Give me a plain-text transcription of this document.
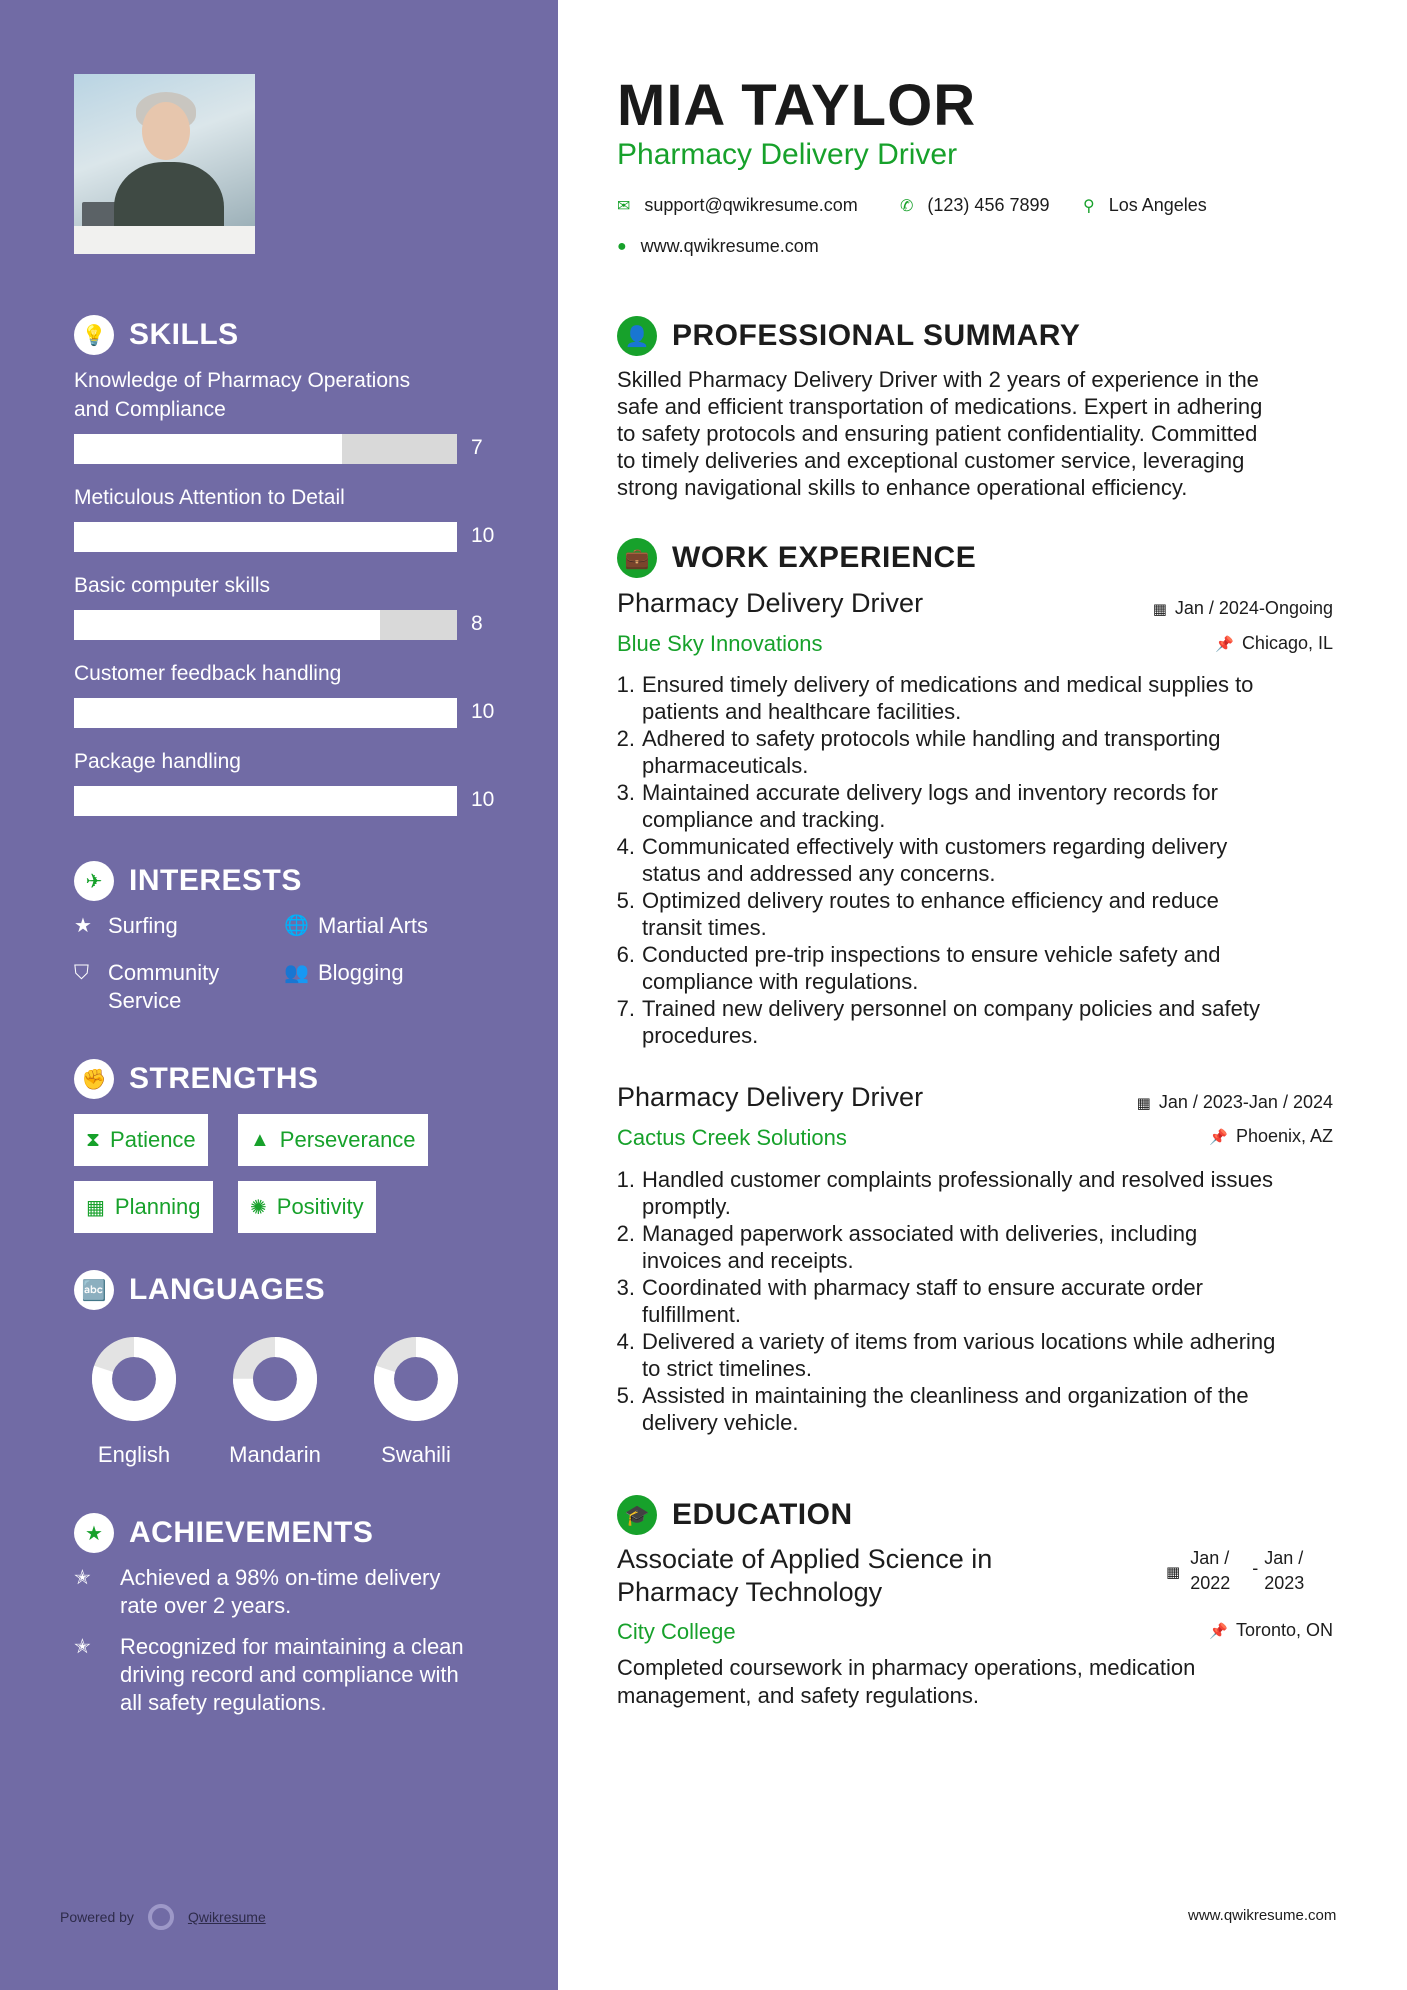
💡 SKILLS
Knowledge of Pharmacy Operations
and Compliance
7
Meticulous Attention to Detail
10
Basic computer skills
8
Customer feedback handling
10
Package handling
10
✈ INTERESTS
★ Surfing	🌐 Martial Arts
⛉ Community
Service
👥 Blogging
✊ STRENGTHS
⧗ Patience	▲ Perseverance
▦ Planning ✺ Positivity
🔤 LANGUAGES
English	Mandarin	Swahili
★ ACHIEVEMENTS
✭	Achieved a 98% on-time delivery
rate over 2 years.
✭	Recognized for maintaining a clean
driving record and compliance with
all safety regulations.
Powered by	Qwikresume
MIA TAYLOR
Pharmacy Delivery Driver
✉ support@qwikresume.com	✆ (123) 456 7899 ⚲ Los Angeles
● www.qwikresume.com
👤 PROFESSIONAL SUMMARY
Skilled Pharmacy Delivery Driver with 2 years of experience in the
safe and efficient transportation of medications. Expert in adhering
to safety protocols and ensuring patient confidentiality. Committed
to timely deliveries and exceptional customer service, leveraging
strong navigational skills to enhance operational efficiency.
💼 WORK EXPERIENCE
Pharmacy Delivery Driver
Blue Sky Innovations
▦ Jan / 2024-Ongoing
📌 Chicago, IL
1. Ensured timely delivery of medications and medical supplies to
patients and healthcare facilities.
2. Adhered to safety protocols while handling and transporting
pharmaceuticals.
3. Maintained accurate delivery logs and inventory records for
compliance and tracking.
4. Communicated effectively with customers regarding delivery
status and addressed any concerns.
5. Optimized delivery routes to enhance efficiency and reduce
transit times.
6. Conducted pre-trip inspections to ensure vehicle safety and
compliance with regulations.
7. Trained new delivery personnel on company policies and safety
procedures.
Pharmacy Delivery Driver
Cactus Creek Solutions
▦ Jan / 2023-Jan / 2024
📌 Phoenix, AZ
1. Handled customer complaints professionally and resolved issues
promptly.
2. Managed paperwork associated with deliveries, including
invoices and receipts.
3. Coordinated with pharmacy staff to ensure accurate order
fulfillment.
4. Delivered a variety of items from various locations while adhering
to strict timelines.
5. Assisted in maintaining the cleanliness and organization of the
delivery vehicle.
🎓 EDUCATION
Associate of Applied Science in
Pharmacy Technology
City College
▦
Jan /
2022
- Jan /
2023
📌 Toronto, ON
Completed coursework in pharmacy operations, medication
management, and safety regulations.
www.qwikresume.com
